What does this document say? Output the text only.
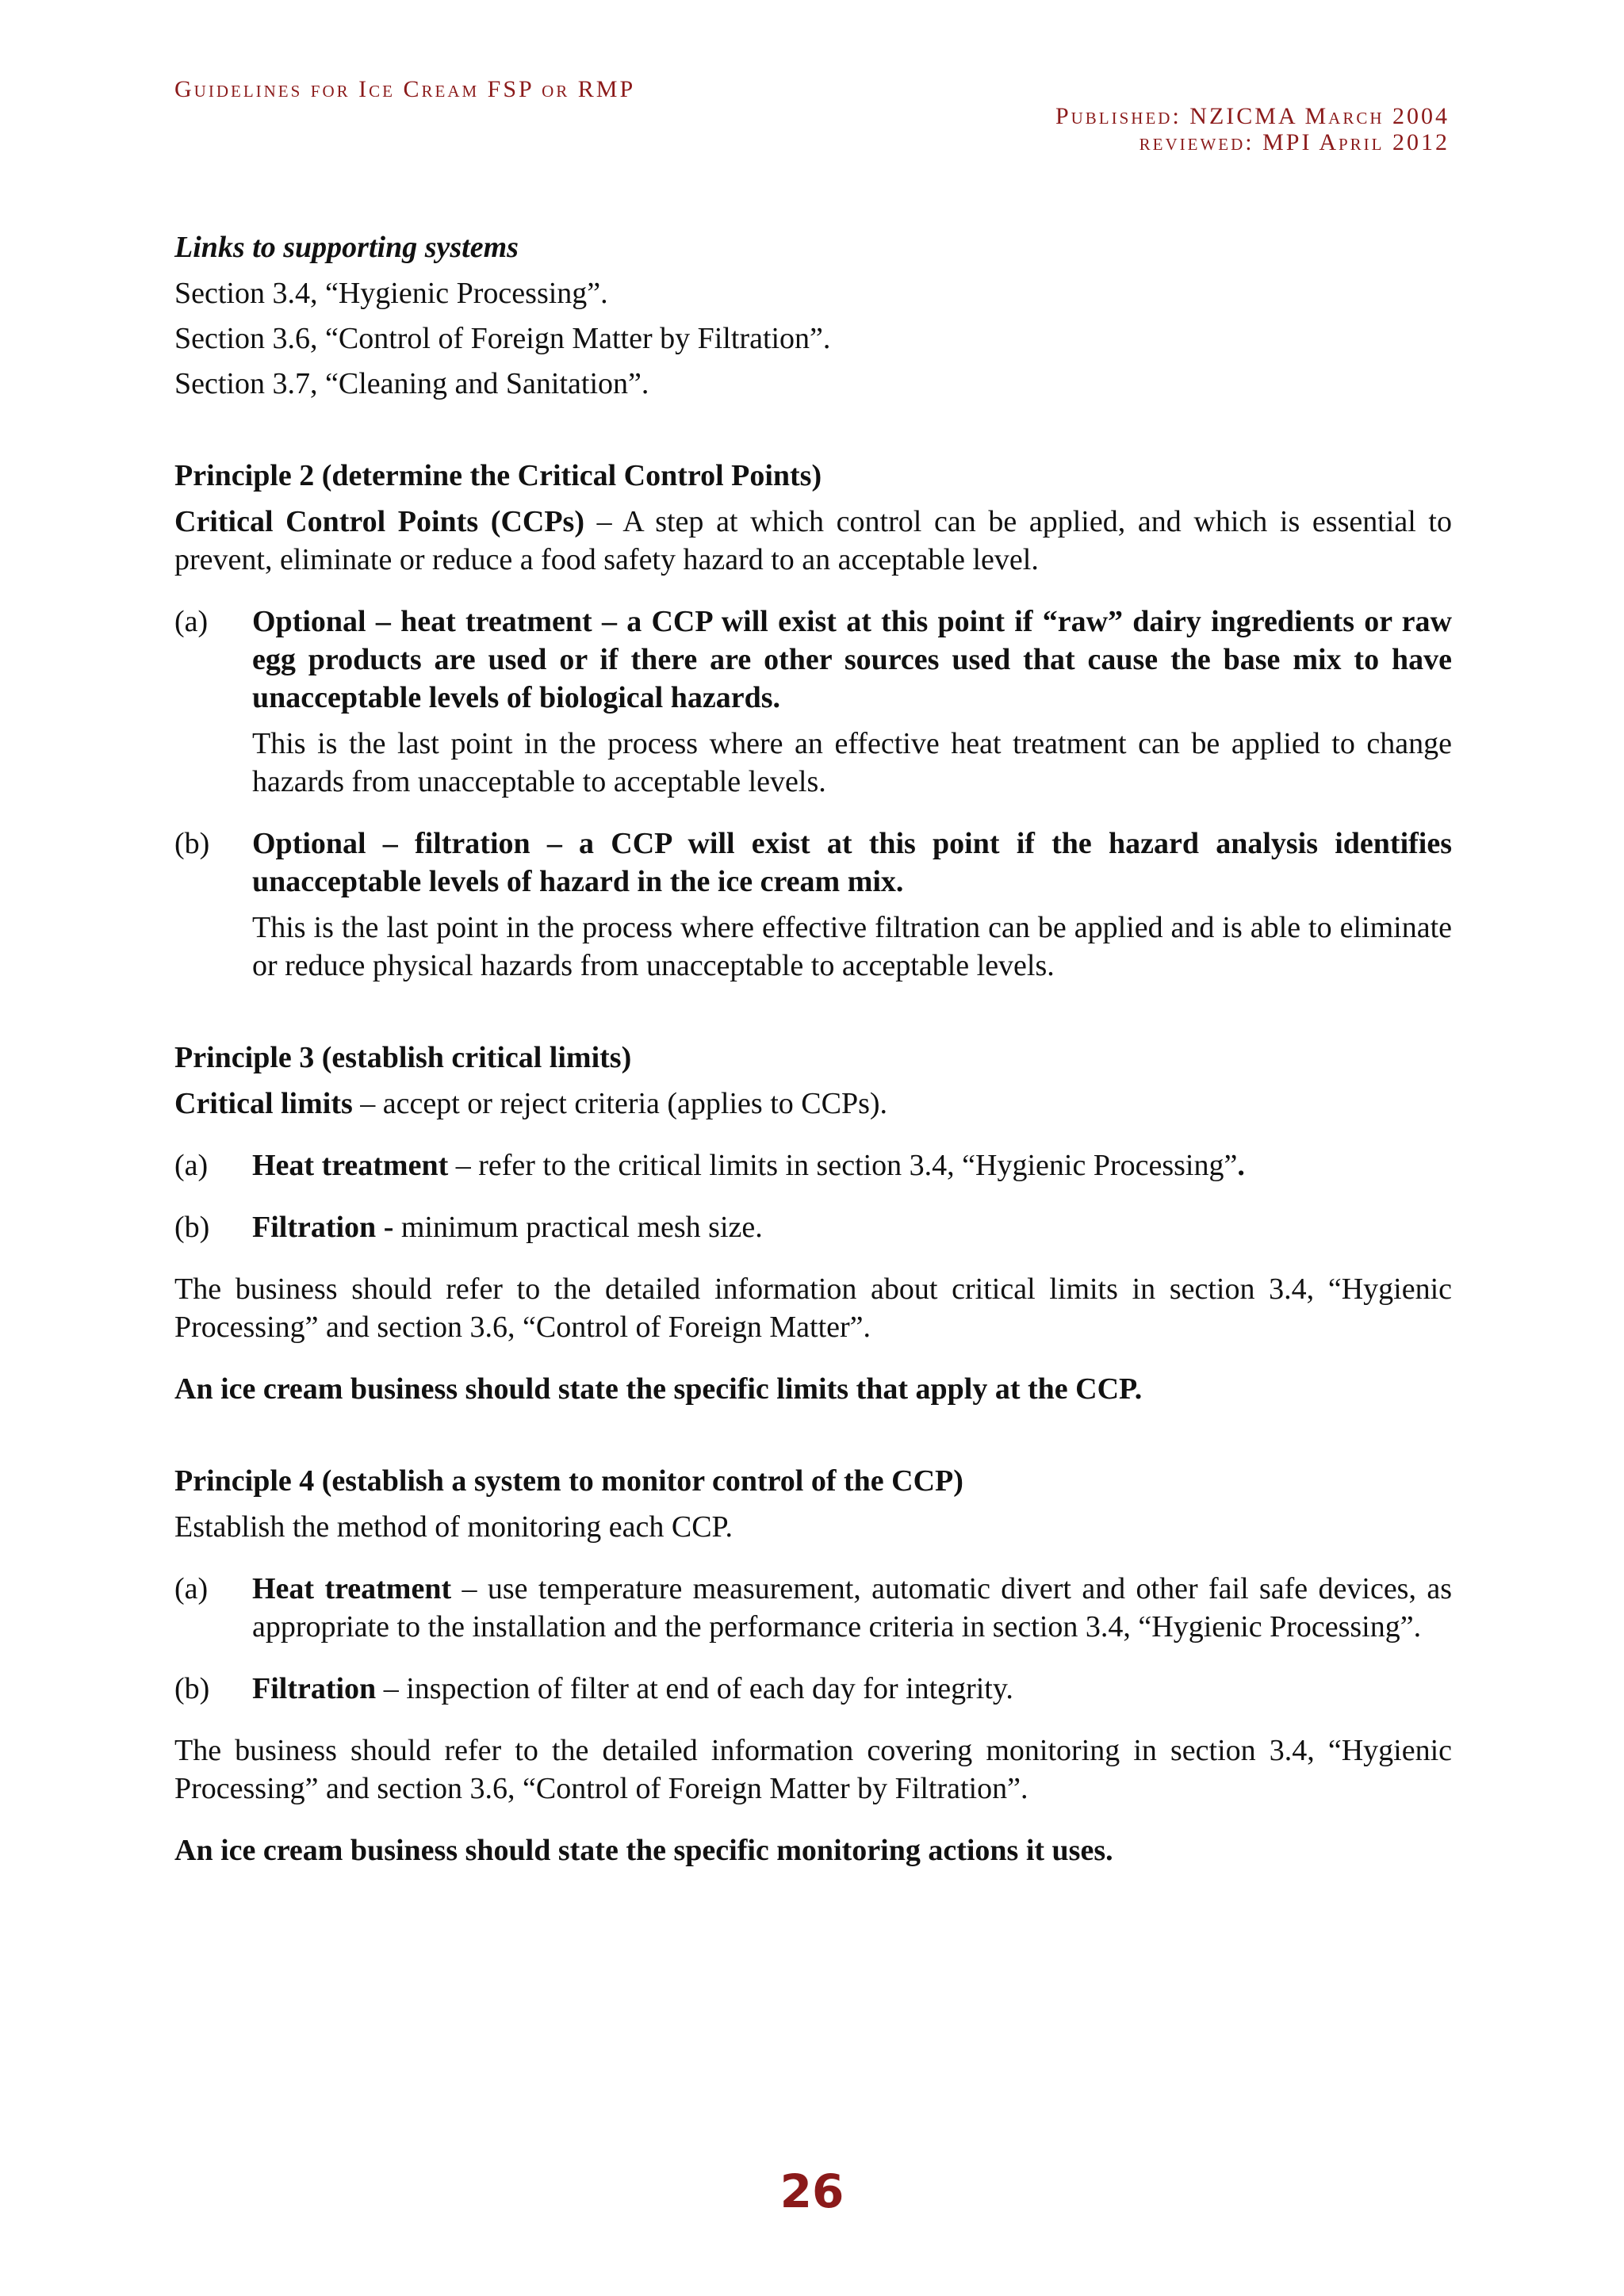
Guidelines for Ice Cream FSP or RMP
Published: NZICMA March 2004
reviewed: MPI April 2012

Links to supporting systems

Section 3.4, “Hygienic Processing”.

Section 3.6, “Control of Foreign Matter by Filtration”.

Section 3.7, “Cleaning and Sanitation”.

Principle 2 (determine the Critical Control Points)

Critical Control Points (CCPs) – A step at which control can be applied, and which is essential to prevent, eliminate or reduce a food safety hazard to an acceptable level.

(a)	Optional – heat treatment – a CCP will exist at this point if “raw” dairy ingredients or raw egg products are used or if there are other sources used that cause the base mix to have unacceptable levels of biological hazards.

This is the last point in the process where an effective heat treatment can be applied to change hazards from unacceptable to acceptable levels.

(b)	Optional – filtration – a CCP will exist at this point if the hazard analysis identifies unacceptable levels of hazard in the ice cream mix.

This is the last point in the process where effective filtration can be applied and is able to eliminate or reduce physical hazards from unacceptable to acceptable levels.

Principle 3 (establish critical limits)

Critical limits – accept or reject criteria (applies to CCPs).

(a)	Heat treatment – refer to the critical limits in section 3.4, “Hygienic Processing”.
(b)	Filtration - minimum practical mesh size.

The business should refer to the detailed information about critical limits in section 3.4, “Hygienic Processing” and section 3.6, “Control of Foreign Matter”.

An ice cream business should state the specific limits that apply at the CCP.

Principle 4 (establish a system to monitor control of the CCP)

Establish the method of monitoring each CCP.

(a)	Heat treatment – use temperature measurement, automatic divert and other fail safe devices, as appropriate to the installation and the performance criteria in section 3.4, “Hygienic Processing”.
(b)	Filtration – inspection of filter at end of each day for integrity.

The business should refer to the detailed information covering monitoring in section 3.4, “Hygienic Processing” and section 3.6, “Control of Foreign Matter by Filtration”.

An ice cream business should state the specific monitoring actions it uses.

26
